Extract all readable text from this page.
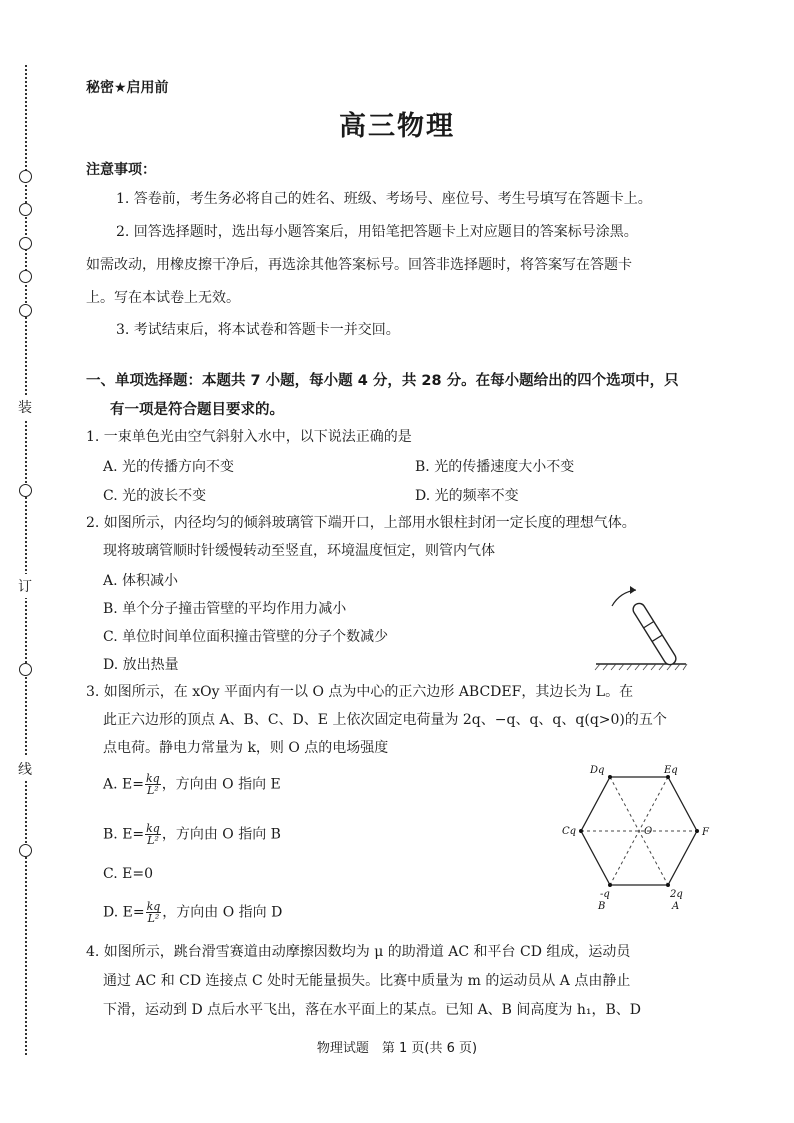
装
订
线
秘密★启用前
高三物理
注意事项：
1. 答卷前，考生务必将自己的姓名、班级、考场号、座位号、考生号填写在答题卡上。
2. 回答选择题时，选出每小题答案后，用铅笔把答题卡上对应题目的答案标号涂黑。
如需改动，用橡皮擦干净后，再选涂其他答案标号。回答非选择题时，将答案写在答题卡
上。写在本试卷上无效。
3. 考试结束后，将本试卷和答题卡一并交回。
一、单项选择题：本题共 7 小题，每小题 4 分，共 28 分。在每小题给出的四个选项中，只
有一项是符合题目要求的。
1. 一束单色光由空气斜射入水中，以下说法正确的是
A. 光的传播方向不变	B. 光的传播速度大小不变
C. 光的波长不变	D. 光的频率不变
2. 如图所示，内径均匀的倾斜玻璃管下端开口，上部用水银柱封闭一定长度的理想气体。
现将玻璃管顺时针缓慢转动至竖直，环境温度恒定，则管内气体
A. 体积减小
B. 单个分子撞击管壁的平均作用力减小
C. 单位时间单位面积撞击管壁的分子个数减少
D. 放出热量
3. 如图所示，在 xOy 平面内有一以 O 点为中心的正六边形 ABCDEF，其边长为 L。在
此正六边形的顶点 A、B、C、D、E 上依次固定电荷量为 2q、−q、q、q、q(q>0)的五个
点电荷。静电力常量为 k，则 O 点的电场强度
A. $E= \frac{kq}{\text{L²}}$ ，方向由 O 指向 E
B. $E= \frac{kq}{\text{L²}}$ ，方向由 O 指向 B
C. E=0
D. $E= \frac{kq}{\text{L²}}$ ，方向由 O 指向 D
Dq	Eq
Cq	O	F
-q	2q
B	A
4. 如图所示，跳台滑雪赛道由动摩擦因数均为 μ 的助滑道 AC 和平台 CD 组成，运动员
通过 AC 和 CD 连接点 C 处时无能量损失。比赛中质量为 m 的运动员从 A 点由静止
下滑，运动到 D 点后水平飞出，落在水平面上的某点。已知 A、B 间高度为 h₁，B、D
物理试题　第 1 页(共 6 页)
